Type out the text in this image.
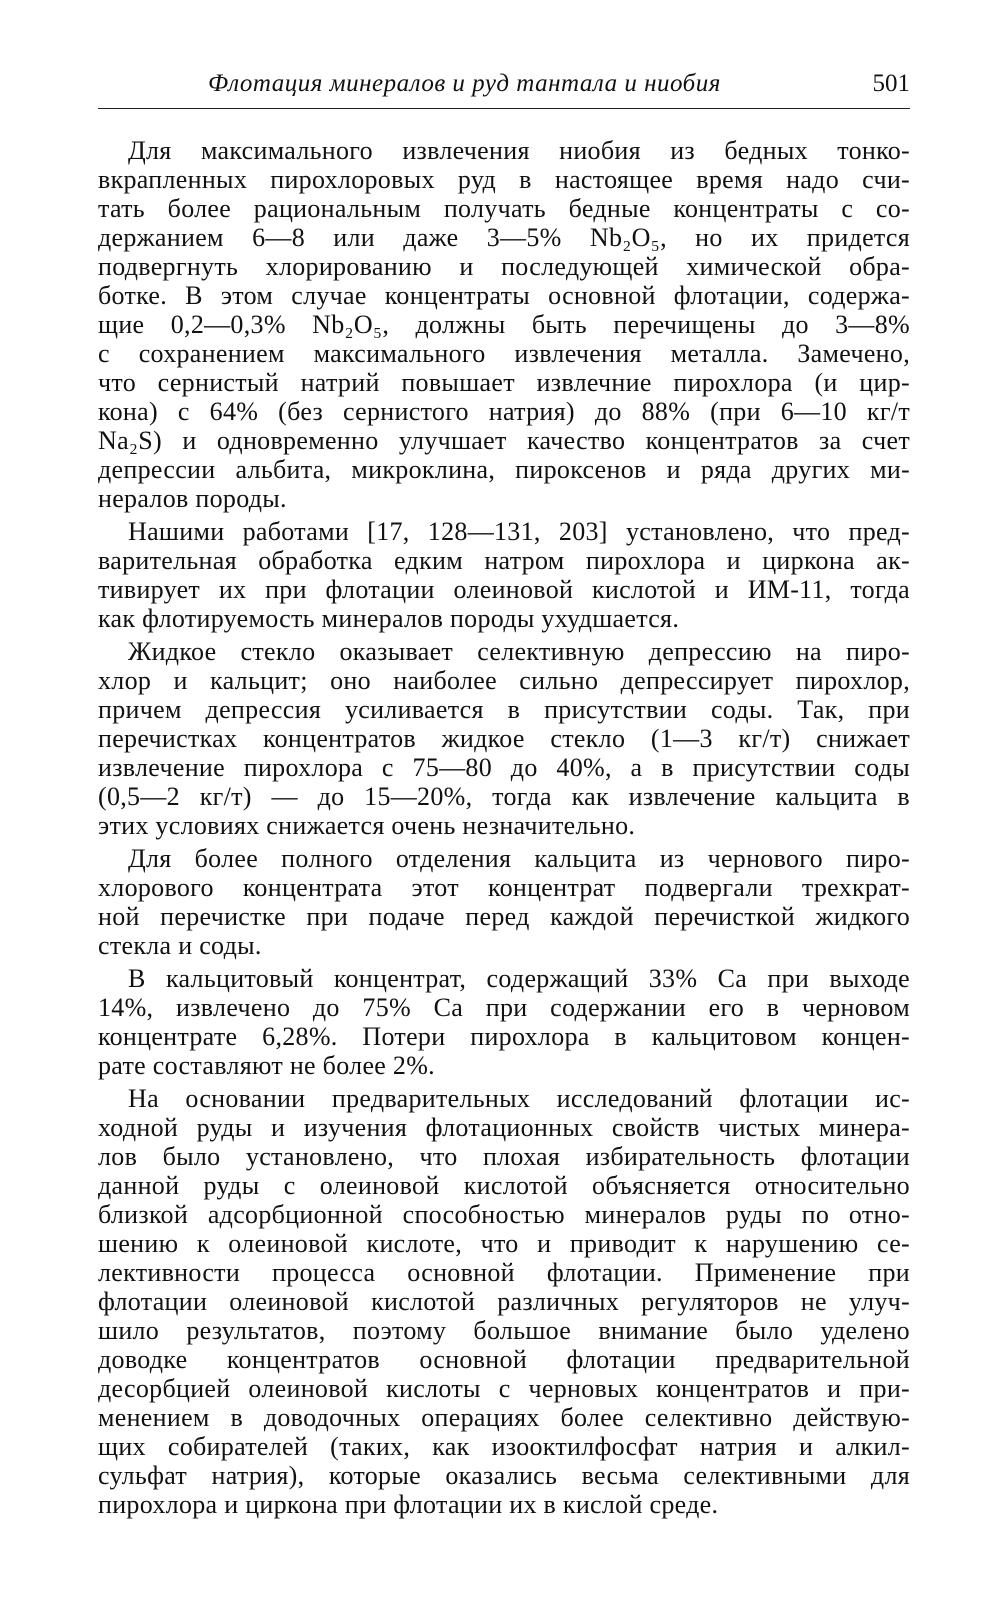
Флотация минералов и руд тантала и ниобия	501

Для максимального извлечения ниобия из бедных тонко-
вкрапленных пирохлоровых руд в настоящее время надо счи-
тать более рациональным получать бедные концентраты с со-
держанием 6—8 или даже 3—5% Nb₂O₅, но их придется
подвергнуть хлорированию и последующей химической обра-
ботке. В этом случае концентраты основной флотации, содержа-
щие 0,2—0,3% Nb₂O₅, должны быть перечищены до 3—8%
с сохранением максимального извлечения металла. Замечено,
что сернистый натрий повышает извлечние пирохлора (и цир-
кона) с 64% (без сернистого натрия) до 88% (при 6—10 кг/т
Na₂S) и одновременно улучшает качество концентратов за счет
депрессии альбита, микроклина, пироксенов и ряда других ми-
нералов породы.

Нашими работами [17, 128—131, 203] установлено, что пред-
варительная обработка едким натром пирохлора и циркона ак-
тивирует их при флотации олеиновой кислотой и ИМ-11, тогда
как флотируемость минералов породы ухудшается.

Жидкое стекло оказывает селективную депрессию на пиро-
хлор и кальцит; оно наиболее сильно депрессирует пирохлор,
причем депрессия усиливается в присутствии соды. Так, при
перечистках концентратов жидкое стекло (1—3 кг/т) снижает
извлечение пирохлора с 75—80 до 40%, а в присутствии соды
(0,5—2 кг/т) — до 15—20%, тогда как извлечение кальцита в
этих условиях снижается очень незначительно.

Для более полного отделения кальцита из чернового пиро-
хлорового концентрата этот концентрат подвергали трехкрат-
ной перечистке при подаче перед каждой перечисткой жидкого
стекла и соды.

В кальцитовый концентрат, содержащий 33% Са при выходе
14%, извлечено до 75% Са при содержании его в черновом
концентрате 6,28%. Потери пирохлора в кальцитовом концен-
рате составляют не более 2%.

На основании предварительных исследований флотации ис-
ходной руды и изучения флотационных свойств чистых минера-
лов было установлено, что плохая избирательность флотации
данной руды с олеиновой кислотой объясняется относительно
близкой адсорбционной способностью минералов руды по отно-
шению к олеиновой кислоте, что и приводит к нарушению се-
лективности процесса основной флотации. Применение при
флотации олеиновой кислотой различных регуляторов не улуч-
шило результатов, поэтому большое внимание было уделено
доводке концентратов основной флотации предварительной
десорбцией олеиновой кислоты с черновых концентратов и при-
менением в доводочных операциях более селективно действую-
щих собирателей (таких, как изооктилфосфат натрия и алкил-
сульфат натрия), которые оказались весьма селективными для
пирохлора и циркона при флотации их в кислой среде.
